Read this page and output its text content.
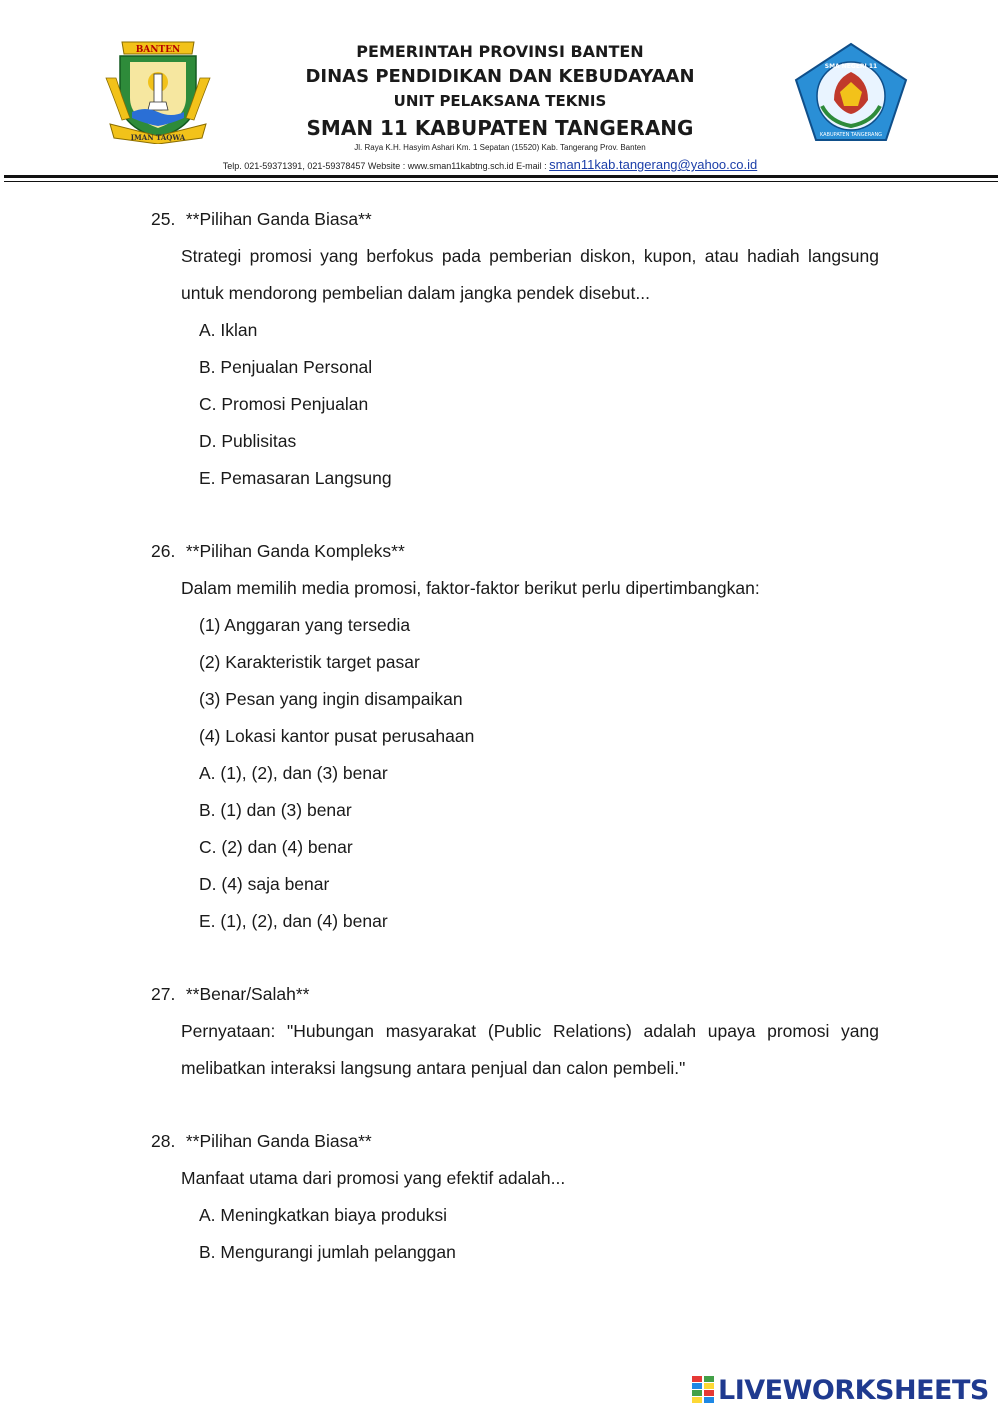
BANTEN
IMAN TAQWA
PEMERINTAH PROVINSI BANTEN
DINAS PENDIDIKAN DAN KEBUDAYAAN
UNIT PELAKSANA TEKNIS
SMAN 11 KABUPATEN TANGERANG
Jl. Raya K.H. Hasyim Ashari Km. 1 Sepatan (15520) Kab. Tangerang Prov. Banten
Telp. 021-59371391, 021-59378457 Website : www.sman11kabtng.sch.id E-mail : sman11kab.tangerang@yahoo.co.id
SMA NEGERI 11
KABUPATEN TANGERANG
25. **Pilihan Ganda Biasa**
Strategi promosi yang berfokus pada pemberian diskon, kupon, atau hadiah langsung untuk mendorong pembelian dalam jangka pendek disebut...
A. Iklan
B. Penjualan Personal
C. Promosi Penjualan
D. Publisitas
E. Pemasaran Langsung
26. **Pilihan Ganda Kompleks**
Dalam memilih media promosi, faktor-faktor berikut perlu dipertimbangkan:
(1) Anggaran yang tersedia
(2) Karakteristik target pasar
(3) Pesan yang ingin disampaikan
(4) Lokasi kantor pusat perusahaan
A. (1), (2), dan (3) benar
B. (1) dan (3) benar
C. (2) dan (4) benar
D. (4) saja benar
E. (1), (2), dan (4) benar
27. **Benar/Salah**
Pernyataan: "Hubungan masyarakat (Public Relations) adalah upaya promosi yang melibatkan interaksi langsung antara penjual dan calon pembeli."
28. **Pilihan Ganda Biasa**
Manfaat utama dari promosi yang efektif adalah...
A. Meningkatkan biaya produksi
B. Mengurangi jumlah pelanggan
LIVEWORKSHEETS
